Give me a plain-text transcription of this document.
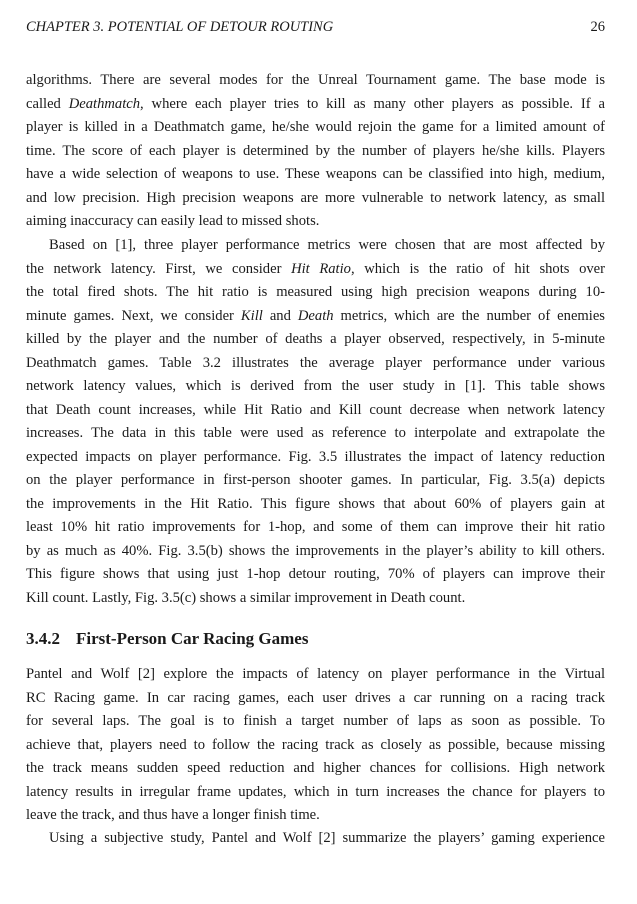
CHAPTER 3. POTENTIAL OF DETOUR ROUTING	26
algorithms. There are several modes for the Unreal Tournament game. The base mode is
called Deathmatch, where each player tries to kill as many other players as possible. If a
player is killed in a Deathmatch game, he/she would rejoin the game for a limited amount of
time. The score of each player is determined by the number of players he/she kills. Players
have a wide selection of weapons to use. These weapons can be classified into high, medium,
and low precision. High precision weapons are more vulnerable to network latency, as small
aiming inaccuracy can easily lead to missed shots.
Based on [1], three player performance metrics were chosen that are most affected by
the network latency. First, we consider Hit Ratio, which is the ratio of hit shots over
the total fired shots. The hit ratio is measured using high precision weapons during 10-
minute games. Next, we consider Kill and Death metrics, which are the number of enemies
killed by the player and the number of deaths a player observed, respectively, in 5-minute
Deathmatch games. Table 3.2 illustrates the average player performance under various
network latency values, which is derived from the user study in [1]. This table shows
that Death count increases, while Hit Ratio and Kill count decrease when network latency
increases. The data in this table were used as reference to interpolate and extrapolate the
expected impacts on player performance. Fig. 3.5 illustrates the impact of latency reduction
on the player performance in first-person shooter games. In particular, Fig. 3.5(a) depicts
the improvements in the Hit Ratio. This figure shows that about 60% of players gain at
least 10% hit ratio improvements for 1-hop, and some of them can improve their hit ratio
by as much as 40%. Fig. 3.5(b) shows the improvements in the player’s ability to kill others.
This figure shows that using just 1-hop detour routing, 70% of players can improve their
Kill count. Lastly, Fig. 3.5(c) shows a similar improvement in Death count.
Pantel and Wolf [2] explore the impacts of latency on player performance in the Virtual
RC Racing game. In car racing games, each user drives a car running on a racing track
for several laps. The goal is to finish a target number of laps as soon as possible. To
achieve that, players need to follow the racing track as closely as possible, because missing
the track means sudden speed reduction and higher chances for collisions. High network
latency results in irregular frame updates, which in turn increases the chance for players to
leave the track, and thus have a longer finish time.
Using a subjective study, Pantel and Wolf [2] summarize the players’ gaming experience
3.4.2 First-Person Car Racing Games
